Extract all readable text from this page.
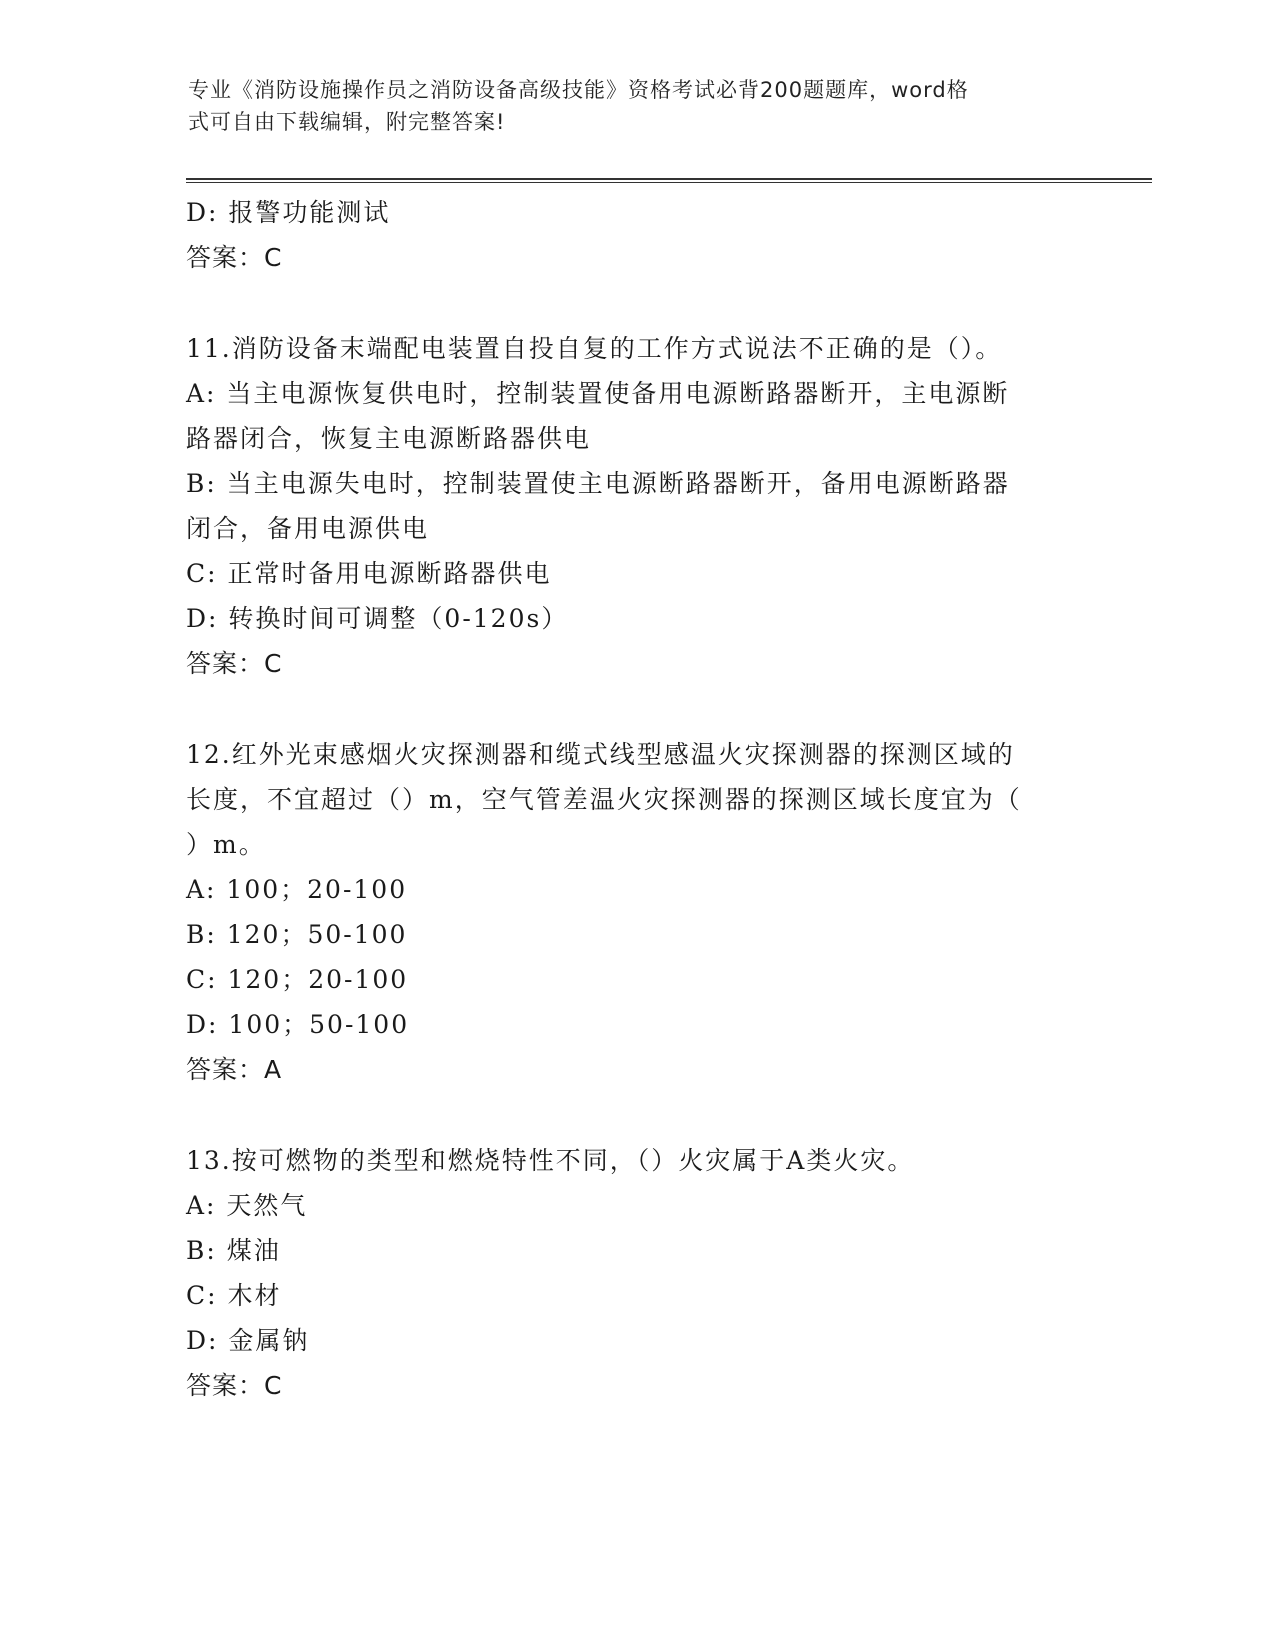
专业《消防设施操作员之消防设备高级技能》资格考试必背200题题库，word格
式可自由下载编辑，附完整答案!
D: 报警功能测试
答案：C
11.消防设备末端配电装置自投自复的工作方式说法不正确的是（）。
A: 当主电源恢复供电时，控制装置使备用电源断路器断开，主电源断
路器闭合，恢复主电源断路器供电
B: 当主电源失电时，控制装置使主电源断路器断开，备用电源断路器
闭合，备用电源供电
C: 正常时备用电源断路器供电
D: 转换时间可调整（0-120s）
答案：C
12.红外光束感烟火灾探测器和缆式线型感温火灾探测器的探测区域的
长度，不宜超过（）m，空气管差温火灾探测器的探测区域长度宜为（
）m。
A: 100；20-100
B: 120；50-100
C: 120；20-100
D: 100；50-100
答案：A
13.按可燃物的类型和燃烧特性不同，（）火灾属于A类火灾。
A: 天然气
B: 煤油
C: 木材
D: 金属钠
答案：C
